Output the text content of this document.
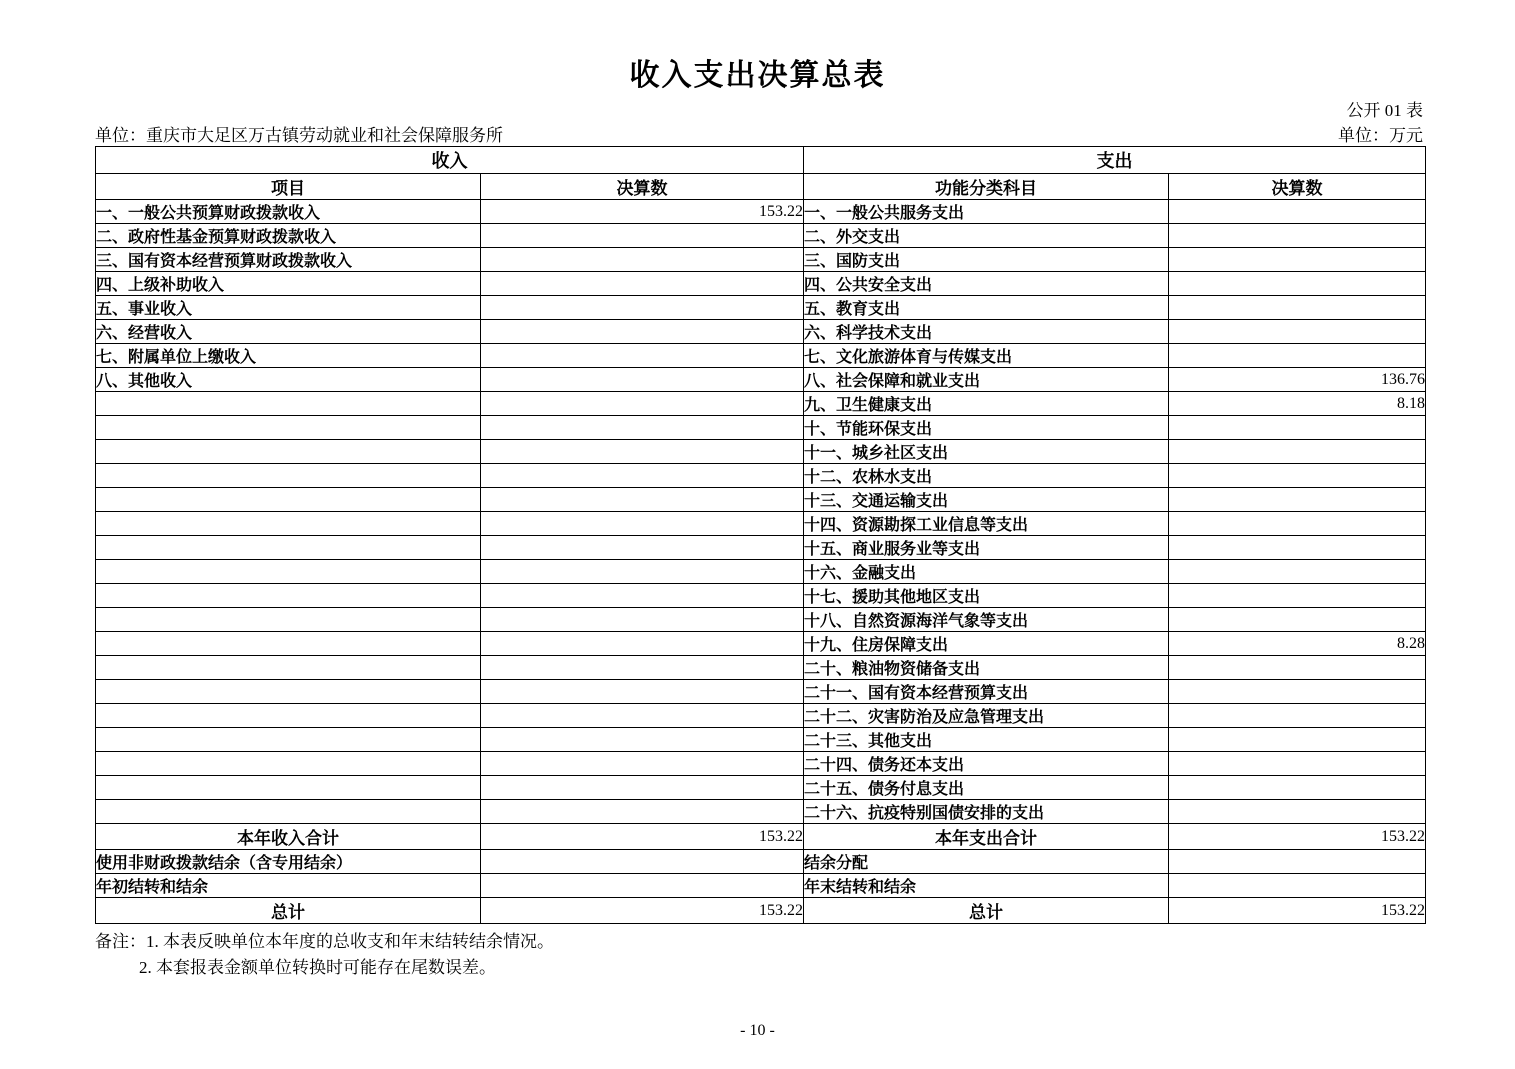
收入支出决算总表
公开 01 表
单位：重庆市大足区万古镇劳动就业和社会保障服务所	单位：万元
收入		支出	
项目	决算数	功能分类科目	决算数
一、一般公共预算财政拨款收入	153.22	一、一般公共服务支出	
二、政府性基金预算财政拨款收入		二、外交支出	
三、国有资本经营预算财政拨款收入		三、国防支出	
四、上级补助收入		四、公共安全支出	
五、事业收入		五、教育支出	
六、经营收入		六、科学技术支出	
七、附属单位上缴收入		七、文化旅游体育与传媒支出	
八、其他收入		八、社会保障和就业支出	136.76
		九、卫生健康支出	8.18
		十、节能环保支出	
		十一、城乡社区支出	
		十二、农林水支出	
		十三、交通运输支出	
		十四、资源勘探工业信息等支出	
		十五、商业服务业等支出	
		十六、金融支出	
		十七、援助其他地区支出	
		十八、自然资源海洋气象等支出	
		十九、住房保障支出	8.28
		二十、粮油物资储备支出	
		二十一、国有资本经营预算支出	
		二十二、灾害防治及应急管理支出	
		二十三、其他支出	
		二十四、债务还本支出	
		二十五、债务付息支出	
		二十六、抗疫特别国债安排的支出	
本年收入合计	153.22	本年支出合计	153.22
使用非财政拨款结余（含专用结余）		结余分配	
年初结转和结余		年末结转和结余	
总计	153.22	总计	153.22
备注：1. 本表反映单位本年度的总收支和年末结转结余情况。
2. 本套报表金额单位转换时可能存在尾数误差。
- 10 -
